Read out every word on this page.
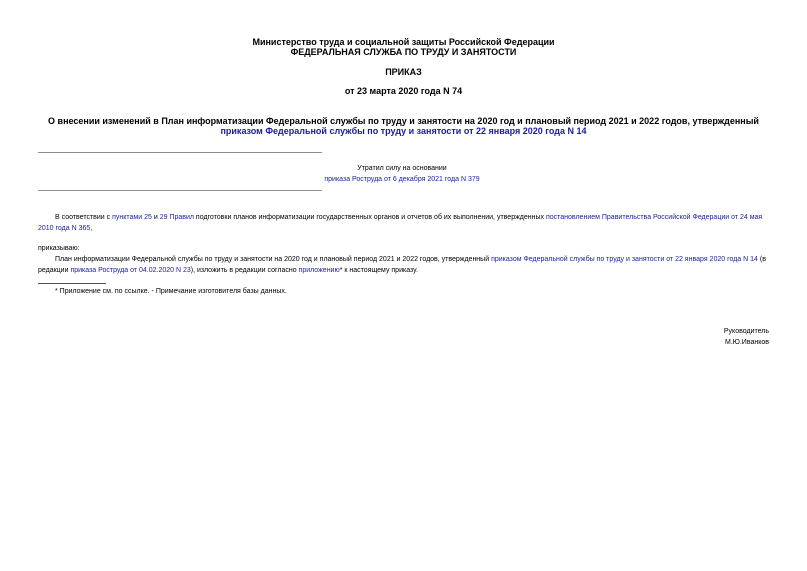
Министерство труда и социальной защиты Российской Федерации
ФЕДЕРАЛЬНАЯ СЛУЖБА ПО ТРУДУ И ЗАНЯТОСТИ
ПРИКАЗ
от 23 марта 2020 года N 74
О внесении изменений в План информатизации Федеральной службы по труду и занятости на 2020 год и плановый период 2021 и 2022 годов, утвержденный
приказом Федеральной службы по труду и занятости от 22 января 2020 года N 14
Утратил силу на основании
приказа Роструда от 6 декабря 2021 года N 379
В соответствии с пунктами 25 и 29 Правил подготовки планов информатизации государственных органов и отчетов об их выполнении, утвержденных постановлением Правительства Российской Федерации от 24 мая 2010 года N 365,
приказываю:
План информатизации Федеральной службы по труду и занятости на 2020 год и плановый период 2021 и 2022 годов, утвержденный приказом Федеральной службы по труду и занятости от 22 января 2020 года N 14 (в редакции приказа Роструда от 04.02.2020 N 23), изложить в редакции согласно приложению* к настоящему приказу.
* Приложение см. по ссылке. - Примечание изготовителя базы данных.
Руководитель
М.Ю.Иванков
